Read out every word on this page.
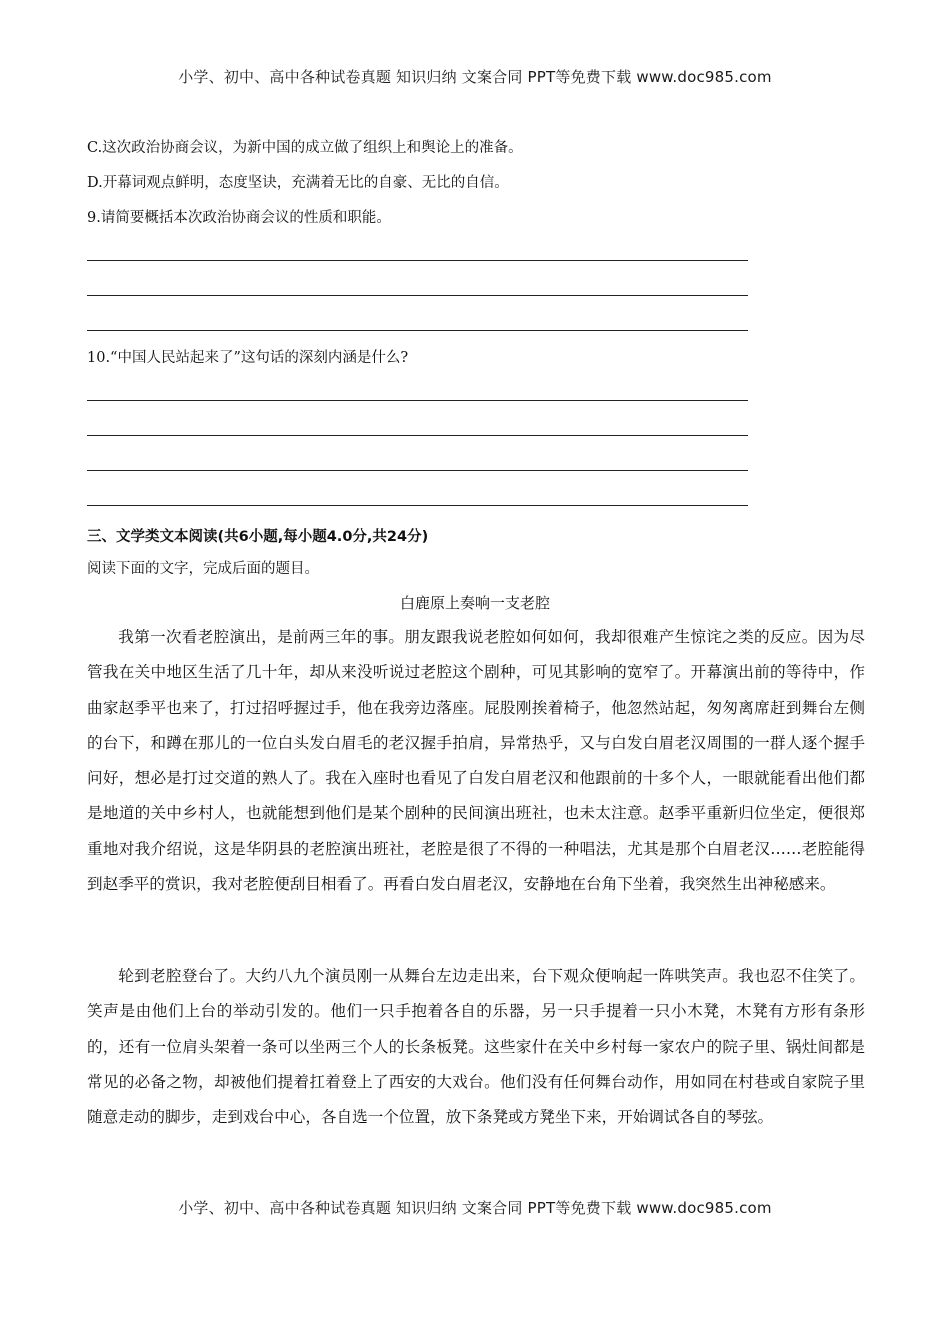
小学、初中、高中各种试卷真题 知识归纳 文案合同 PPT等免费下载 www.doc985.com
C.这次政治协商会议，为新中国的成立做了组织上和舆论上的准备。
D.开幕词观点鲜明，态度坚诀，充满着无比的自豪、无比的自信。
9.请简要概括本次政治协商会议的性质和职能。
10.“中国人民站起来了”这句话的深刻内涵是什么?
三、文学类文本阅读(共6小题,每小题4.0分,共24分)
阅读下面的文字，完成后面的题目。
白鹿原上奏响一支老腔

我第一次看老腔演出，是前两三年的事。朋友跟我说老腔如何如何，我却很难产生惊诧之类的反应。因为尽管我在关中地区生活了几十年，却从来没听说过老腔这个剧种，可见其影响的宽窄了。开幕演出前的等待中，作曲家赵季平也来了，打过招呼握过手，他在我旁边落座。屁股刚挨着椅子，他忽然站起，匆匆离席赶到舞台左侧的台下，和蹲在那儿的一位白头发白眉毛的老汉握手拍肩，异常热乎，又与白发白眉老汉周围的一群人逐个握手问好，想必是打过交道的熟人了。我在入座时也看见了白发白眉老汉和他跟前的十多个人，一眼就能看出他们都是地道的关中乡村人，也就能想到他们是某个剧种的民间演出班社，也未太注意。赵季平重新归位坐定，便很郑重地对我介绍说，这是华阴县的老腔演出班社，老腔是很了不得的一种唱法，尤其是那个白眉老汉……老腔能得到赵季平的赏识，我对老腔便刮目相看了。再看白发白眉老汉，安静地在台角下坐着，我突然生出神秘感来。

轮到老腔登台了。大约八九个演员刚一从舞台左边走出来，台下观众便响起一阵哄笑声。我也忍不住笑了。笑声是由他们上台的举动引发的。他们一只手抱着各自的乐器，另一只手提着一只小木凳，木凳有方形有条形的，还有一位肩头架着一条可以坐两三个人的长条板凳。这些家什在关中乡村每一家农户的院子里、锅灶间都是常见的必备之物，却被他们提着扛着登上了西安的大戏台。他们没有任何舞台动作，用如同在村巷或自家院子里随意走动的脚步，走到戏台中心，各自选一个位置，放下条凳或方凳坐下来，开始调试各自的琴弦。

小学、初中、高中各种试卷真题 知识归纳 文案合同 PPT等免费下载 www.doc985.com
